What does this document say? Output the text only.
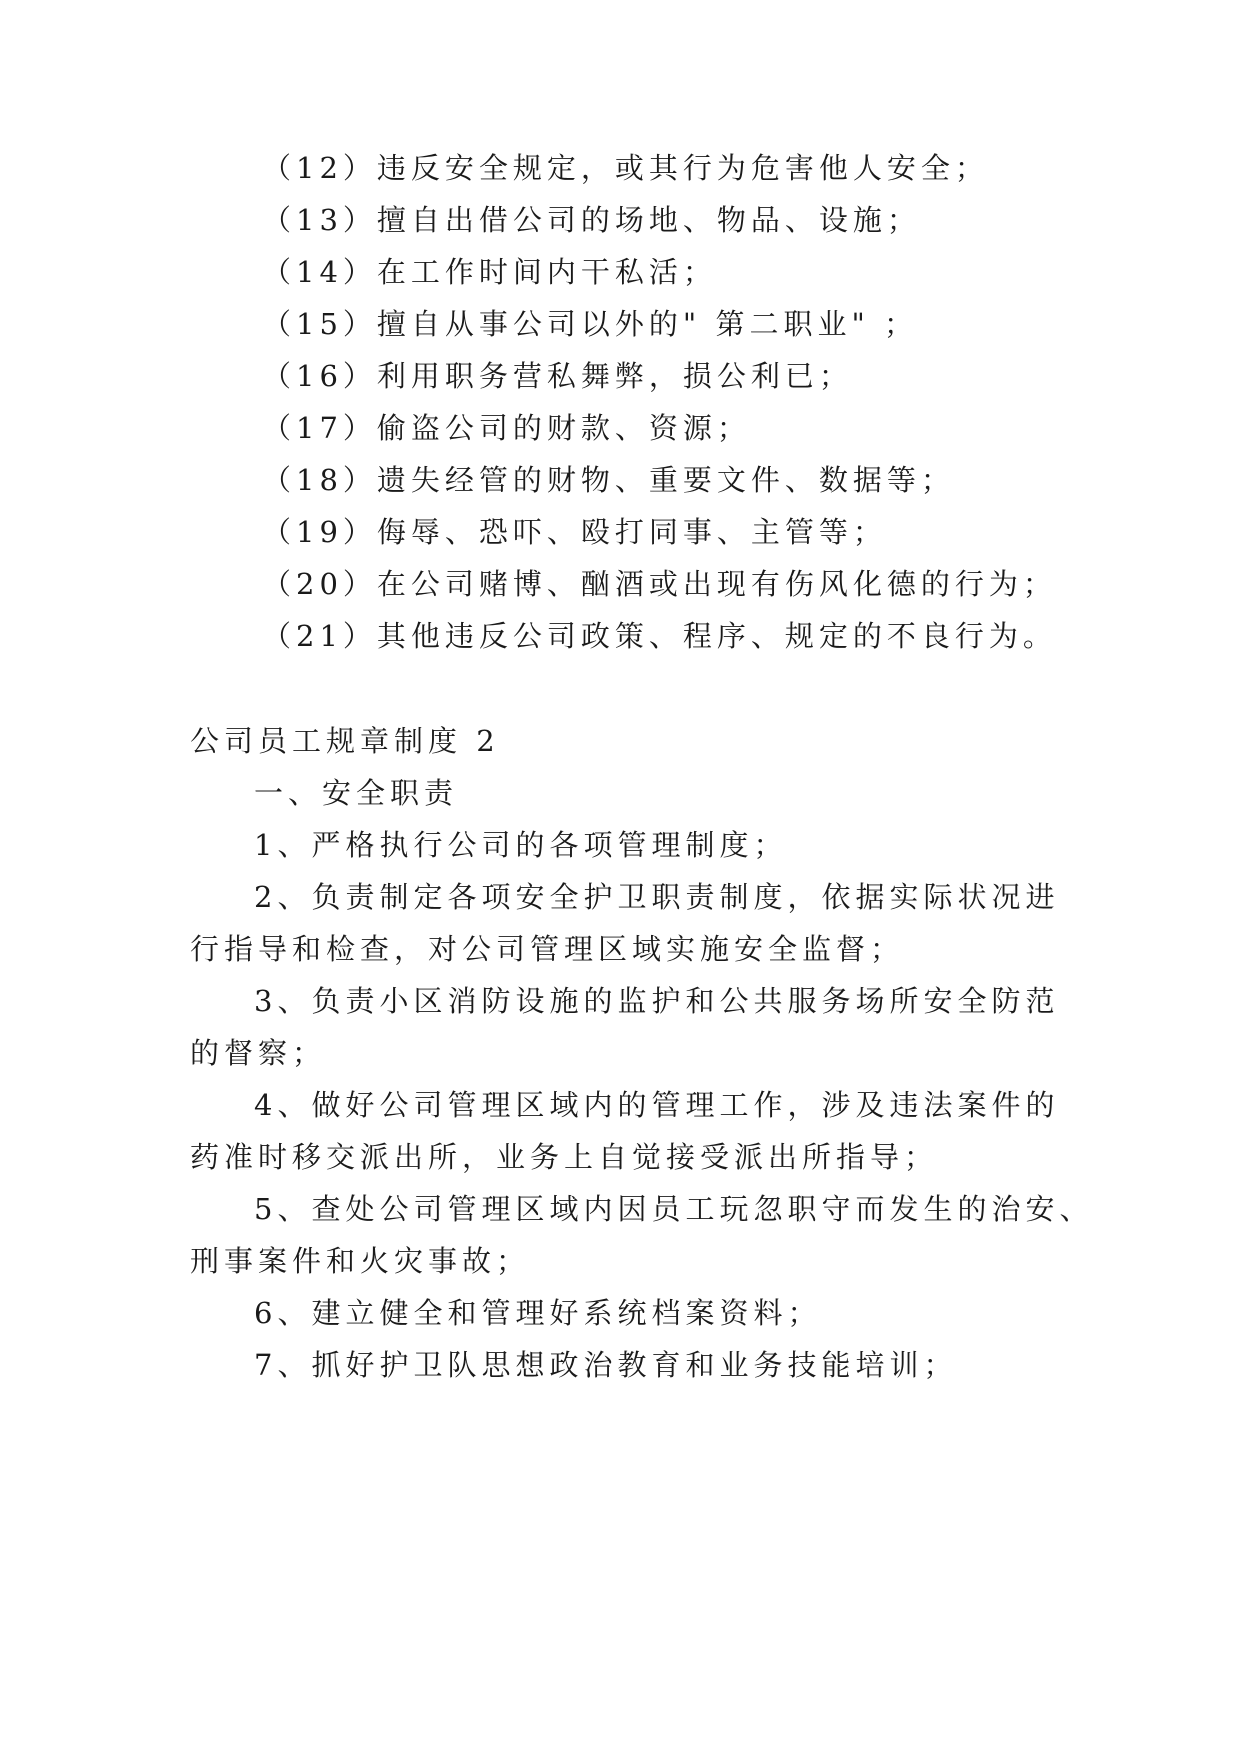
（12）违反安全规定，或其行为危害他人安全；
（13）擅自出借公司的场地、物品、设施；
（14）在工作时间内干私活；
（15）擅自从事公司以外的" 第二职业" ；
（16）利用职务营私舞弊，损公利已；
（17）偷盗公司的财款、资源；
（18）遗失经管的财物、重要文件、数据等；
（19）侮辱、恐吓、殴打同事、主管等；
（20）在公司赌博、酗酒或出现有伤风化德的行为；
（21）其他违反公司政策、程序、规定的不良行为。
公司员工规章制度 2
一、安全职责
1、严格执行公司的各项管理制度；
2、负责制定各项安全护卫职责制度，依据实际状况进
行指导和检查，对公司管理区域实施安全监督；
3、负责小区消防设施的监护和公共服务场所安全防范
的督察；
4、做好公司管理区域内的管理工作，涉及违法案件的
药准时移交派出所，业务上自觉接受派出所指导；
5、查处公司管理区域内因员工玩忽职守而发生的治安、
刑事案件和火灾事故；
6、建立健全和管理好系统档案资料；
7、抓好护卫队思想政治教育和业务技能培训；
